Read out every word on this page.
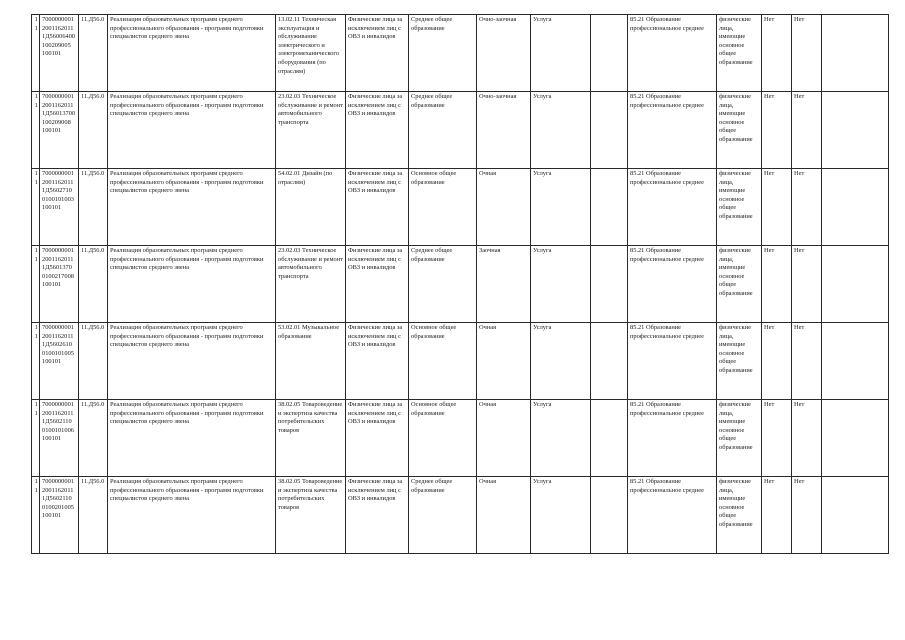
11	7000000001 2001162011 1Д56006400100209005 100101	11.Д56.0	Реализация образовательных программ среднего профессионального образования - программ подготовки специалистов среднего звена	13.02.11 Техническая эксплуатация и обслуживание электрического и электромеханического оборудования (по отраслям)	Физические лица за исключением лиц с ОВЗ и инвалидов	Среднее общее образование	Очно-заочная	Услуга		85.21 Образование профессиональное среднее	физические лица, имеющие основное общее образование	Нет	Нет	
11	7000000001 2001162011 1Д56013700100209008 100101	11.Д56.0	Реализация образовательных программ среднего профессионального образования - программ подготовки специалистов среднего звена	23.02.03 Техническое обслуживание и ремонт автомобильного транспорта	Физические лица за исключением лиц с ОВЗ и инвалидов	Среднее общее образование	Очно-заочная	Услуга		85.21 Образование профессиональное среднее	физические лица, имеющие основное общее образование	Нет	Нет	
11	7000000001 2001162011 1Д5602710 0100101003 100101	11.Д56.0	Реализация образовательных программ среднего профессионального образования - программ подготовки специалистов среднего звена	54.02.01 Дизайн (по отраслям)	Физические лица за исключением лиц с ОВЗ и инвалидов	Основное общее образование	Очная	Услуга		85.21 Образование профессиональное среднее	физические лица, имеющие основное общее образование	Нет	Нет	
11	7000000001 2001162011 1Д5601370 0100217008 100101	11.Д56.0	Реализация образовательных программ среднего профессионального образования - программ подготовки специалистов среднего звена	23.02.03 Техническое обслуживание и ремонт автомобильного транспорта	Физические лица за исключением лиц с ОВЗ и инвалидов	Среднее общее образование	Заочная	Услуга		85.21 Образование профессиональное среднее	физические лица, имеющие основное общее образование	Нет	Нет	
11	7000000001 2001162011 1Д5602610 0100101005 100101	11.Д56.0	Реализация образовательных программ среднего профессионального образования - программ подготовки специалистов среднего звена	53.02.01 Музыкальное образование	Физические лица за исключением лиц с ОВЗ и инвалидов	Основное общее образование	Очная	Услуга		85.21 Образование профессиональное среднее	физические лица, имеющие основное общее образование	Нет	Нет	
11	7000000001 2001162011 1Д5602110 0100101006 100101	11.Д56.0	Реализация образовательных программ среднего профессионального образования - программ подготовки специалистов среднего звена	38.02.05 Товароведение и экспертиза качества потребительских товаров	Физические лица за исключением лиц с ОВЗ и инвалидов	Основное общее образование	Очная	Услуга		85.21 Образование профессиональное среднее	физические лица, имеющие основное общее образование	Нет	Нет	
11	7000000001 2001162011 1Д5602110 0100201005 100101	11.Д56.0	Реализация образовательных программ среднего профессионального образования - программ подготовки специалистов среднего звена	38.02.05 Товароведение и экспертиза качества потребительских товаров	Физические лица за исключением лиц с ОВЗ и инвалидов	Среднее общее образование	Очная	Услуга		85.21 Образование профессиональное среднее	физические лица, имеющие основное общее образование	Нет	Нет	
